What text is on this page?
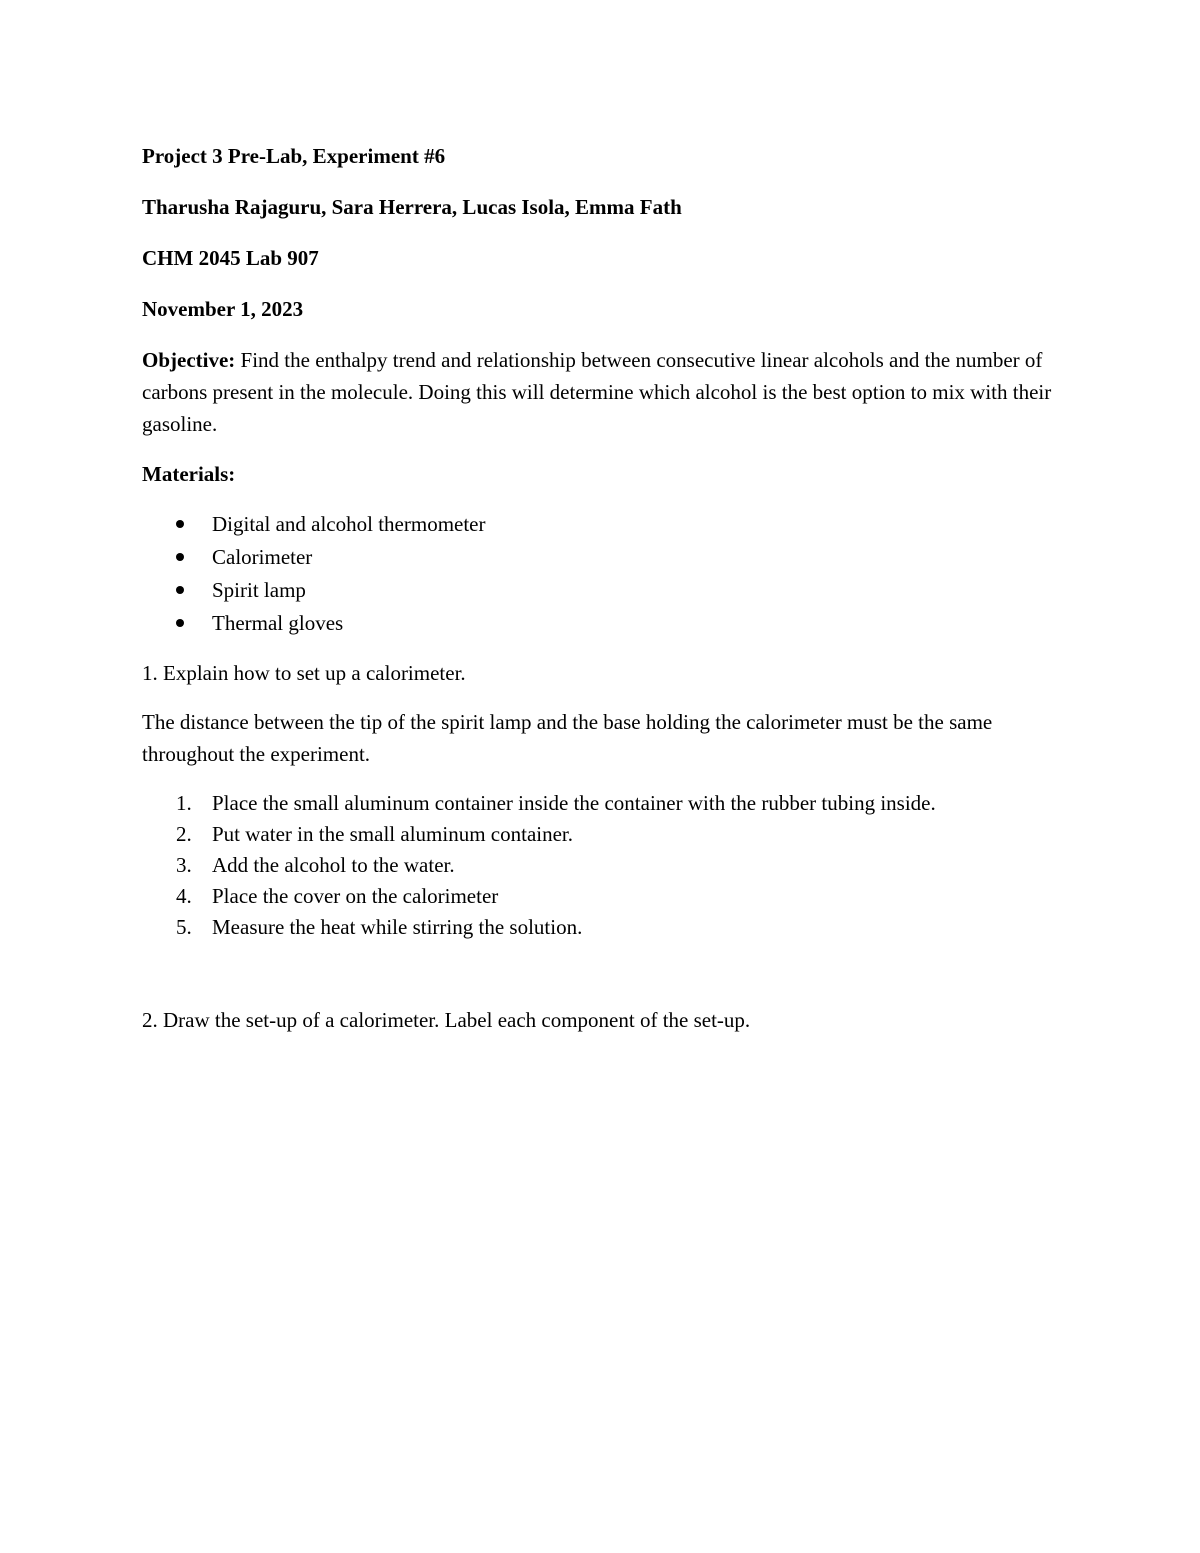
Project 3 Pre-Lab, Experiment #6

Tharusha Rajaguru, Sara Herrera, Lucas Isola, Emma Fath

CHM 2045 Lab 907

November 1, 2023

Objective: Find the enthalpy trend and relationship between consecutive linear alcohols and the number of carbons present in the molecule. Doing this will determine which alcohol is the best option to mix with their gasoline.

Materials:

Digital and alcohol thermometer
Calorimeter
Spirit lamp
Thermal gloves

1. Explain how to set up a calorimeter.

The distance between the tip of the spirit lamp and the base holding the calorimeter must be the same throughout the experiment.

1. Place the small aluminum container inside the container with the rubber tubing inside.
2. Put water in the small aluminum container.
3. Add the alcohol to the water.
4. Place the cover on the calorimeter
5. Measure the heat while stirring the solution.

2. Draw the set-up of a calorimeter. Label each component of the set-up.
